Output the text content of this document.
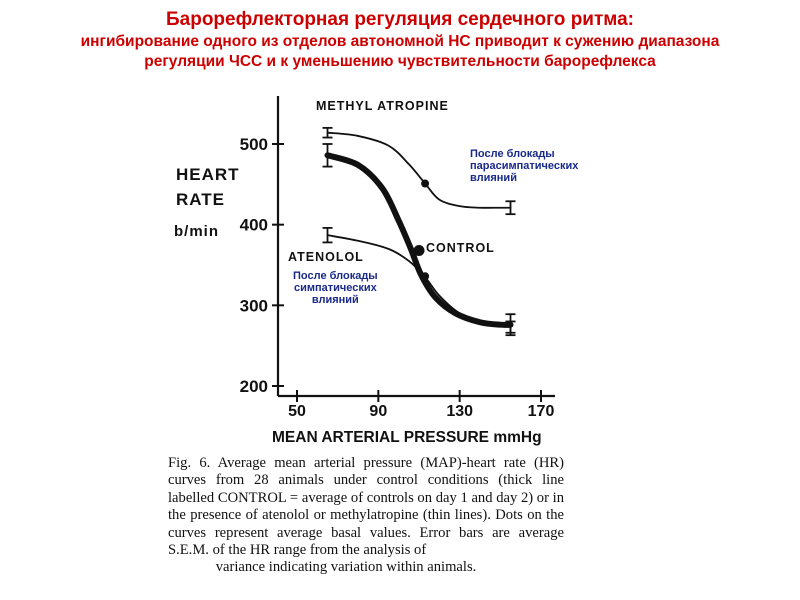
Барорефлекторная регуляция сердечного ритма:
ингибирование одного из отделов автономной НС приводит к сужению диапазона
регуляции ЧСС и к уменьшению чувствительности барорефлекса
200
300
400
500
50	90	130	170
HEART
RATE
b/min
MEAN ARTERIAL PRESSURE mmHg
METHYL ATROPINE
CONTROL
ATENOLOL
После блокады
парасимпатических
влияний
После блокады
симпатических
влияний
Fig. 6. Average mean arterial pressure (MAP)-heart rate (HR) curves from 28 animals under control conditions (thick line labelled CONTROL = average of controls on day 1 and day 2) or in the presence of atenolol or methylatropine (thin lines). Dots on the curves represent average basal values. Error bars are average S.E.M. of the HR range from the analysis of
variance indicating variation within animals.
